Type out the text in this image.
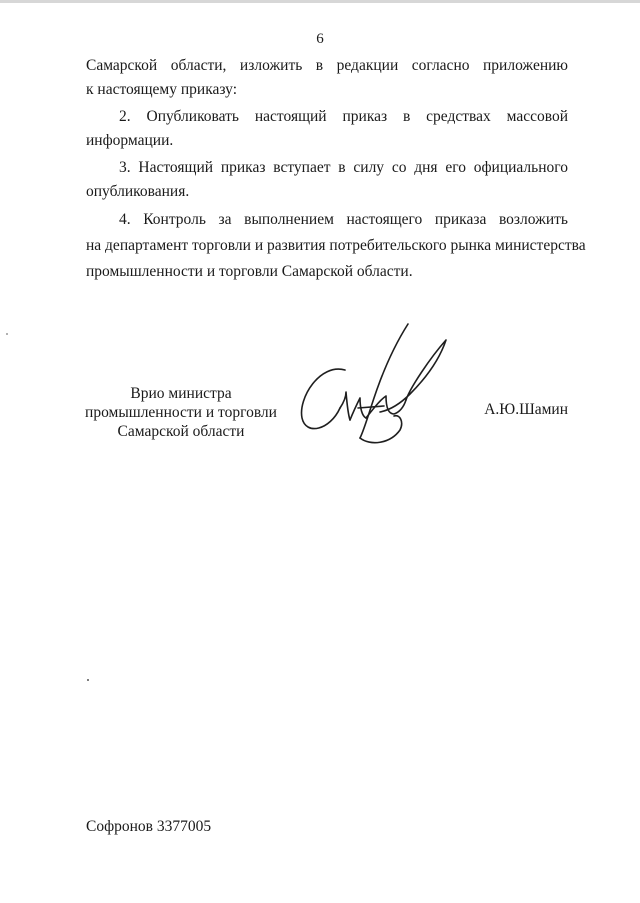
6
Самарской области, изложить в редакции согласно приложению
к настоящему приказу:
2. Опубликовать настоящий приказ в средствах массовой
информации.
3. Настоящий приказ вступает в силу со дня его официального
опубликования.
4. Контроль за выполнением настоящего приказа возложить
на департамент торговли и развития потребительского рынка министерства
промышленности и торговли Самарской области.
Врио министра
промышленности и торговли
Самарской области
А.Ю.Шамин
Софронов 3377005
